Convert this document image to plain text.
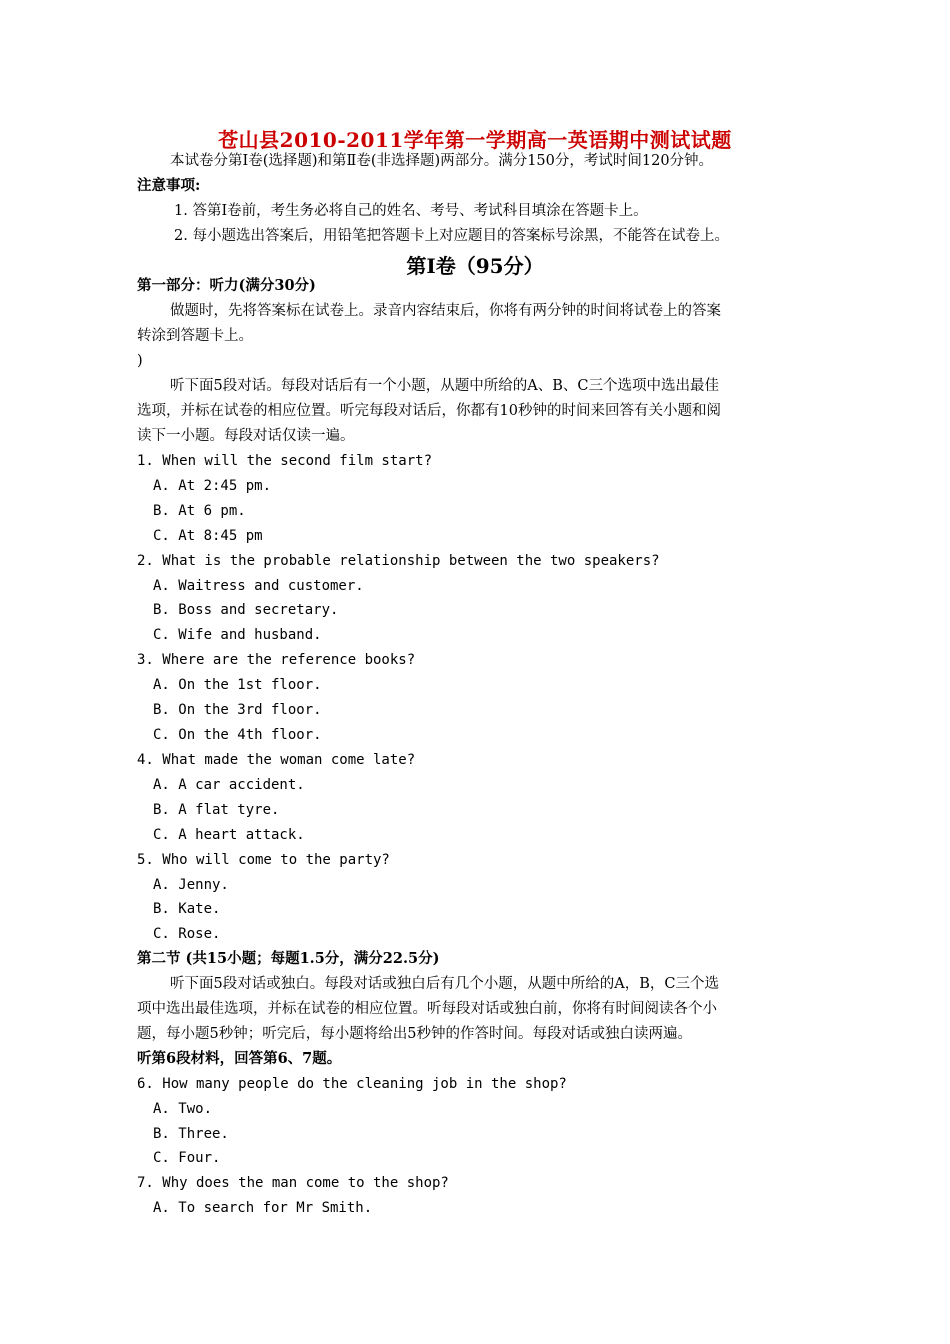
苍山县2010-2011学年第一学期高一英语期中测试试题
本试卷分第Ⅰ卷(选择题)和第Ⅱ卷(非选择题)两部分。满分150分，考试时间120分钟。
注意事项:
1. 答第Ⅰ卷前，考生务必将自己的姓名、考号、考试科目填涂在答题卡上。
2. 每小题选出答案后，用铅笔把答题卡上对应题目的答案标号涂黑，不能答在试卷上。
第Ⅰ卷（95分）
第一部分：听力(满分30分)
做题时，先将答案标在试卷上。录音内容结束后，你将有两分钟的时间将试卷上的答案
转涂到答题卡上。
)
听下面5段对话。每段对话后有一个小题，从题中所给的A、B、C三个选项中选出最佳
选项，并标在试卷的相应位置。听完每段对话后，你都有10秒钟的时间来回答有关小题和阅
读下一小题。每段对话仅读一遍。
1. When will the second film start?
A. At 2:45 pm.
B. At 6 pm.
C. At 8:45 pm
2. What is the probable relationship between the two speakers?
A. Waitress and customer.
B. Boss and secretary.
C. Wife and husband.
3. Where are the reference books?
A. On the 1st floor.
B. On the 3rd floor.
C. On the 4th floor.
4. What made the woman come late?
A. A car accident.
B. A flat tyre.
C. A heart attack.
5. Who will come to the party?
A. Jenny.
B. Kate.
C. Rose.
第二节 (共15小题；每题1.5分，满分22.5分)
听下面5段对话或独白。每段对话或独白后有几个小题，从题中所给的A，B，C三个选
项中选出最佳选项，并标在试卷的相应位置。听每段对话或独白前，你将有时间阅读各个小
题，每小题5秒钟；听完后，每小题将给出5秒钟的作答时间。每段对话或独白读两遍。
听第6段材料，回答第6、7题。
6. How many people do the cleaning job in the shop?
A. Two.
B. Three.
C. Four.
7. Why does the man come to the shop?
A. To search for Mr Smith.
